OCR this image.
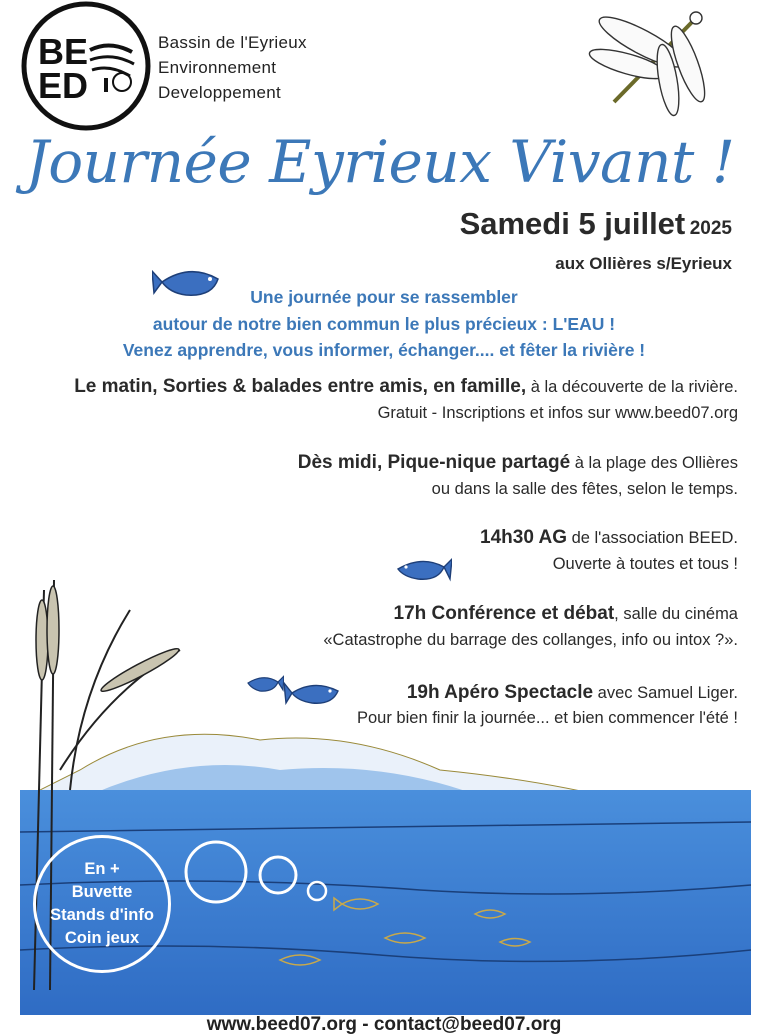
BE
ED
Bassin de l'Eyrieux
Environnement
Developpement
Journée Eyrieux Vivant !
Samedi 5 juillet 2025
aux Ollières s/Eyrieux
Une journée pour se rassembler
autour de notre bien commun le plus précieux : L'EAU !
Venez apprendre, vous informer, échanger.... et fêter la rivière !
Le matin, Sorties & balades entre amis, en famille, à la découverte de la rivière.
Gratuit - Inscriptions et infos sur www.beed07.org
Dès midi, Pique-nique partagé à la plage des Ollières
ou dans la salle des fêtes, selon le temps.
14h30 AG de l'association BEED.
Ouverte à toutes et tous !
17h Conférence et débat, salle du cinéma
«Catastrophe du barrage des collanges, info ou intox ?».
19h Apéro Spectacle avec Samuel Liger.
Pour bien finir la journée... et bien commencer l'été !
En +
Buvette
Stands d'info
Coin jeux
www.beed07.org - contact@beed07.org
